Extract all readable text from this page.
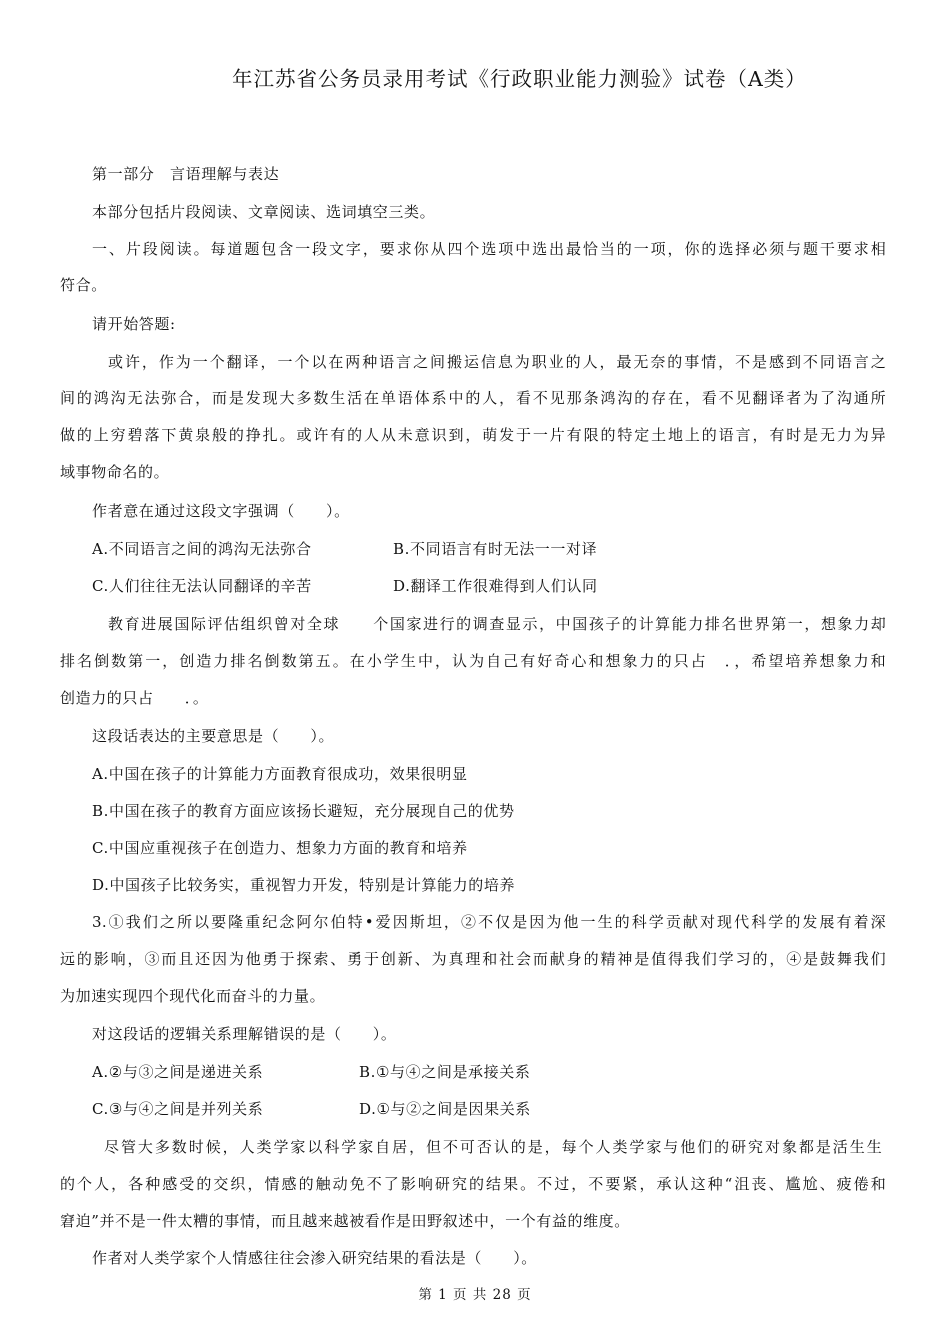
年江苏省公务员录用考试《行政职业能力测验》试卷（A类）
第一部分　言语理解与表达
本部分包括片段阅读、文章阅读、选词填空三类。
一、片段阅读。每道题包含一段文字，要求你从四个选项中选出最恰当的一项，你的选择必须与题干要求相
符合。
请开始答题:
或许，作为一个翻译，一个以在两种语言之间搬运信息为职业的人，最无奈的事情，不是感到不同语言之
间的鸿沟无法弥合，而是发现大多数生活在单语体系中的人，看不见那条鸿沟的存在，看不见翻译者为了沟通所
做的上穷碧落下黄泉般的挣扎。或许有的人从未意识到，萌发于一片有限的特定土地上的语言，有时是无力为异
域事物命名的。
作者意在通过这段文字强调（　　）。
A.不同语言之间的鸿沟无法弥合	B.不同语言有时无法一一对译
C.人们往往无法认同翻译的辛苦	D.翻译工作很难得到人们认同
教育进展国际评估组织曾对全球　　个国家进行的调查显示，中国孩子的计算能力排名世界第一，想象力却
排名倒数第一，创造力排名倒数第五。在小学生中，认为自己有好奇心和想象力的只占　．，希望培养想象力和
创造力的只占　　．。
这段话表达的主要意思是（　　）。
A.中国在孩子的计算能力方面教育很成功，效果很明显
B.中国在孩子的教育方面应该扬长避短，充分展现自己的优势
C.中国应重视孩子在创造力、想象力方面的教育和培养
D.中国孩子比较务实，重视智力开发，特别是计算能力的培养
3.①我们之所以要隆重纪念阿尔伯特•爱因斯坦，②不仅是因为他一生的科学贡献对现代科学的发展有着深
远的影响，③而且还因为他勇于探索、勇于创新、为真理和社会而献身的精神是值得我们学习的，④是鼓舞我们
为加速实现四个现代化而奋斗的力量。
对这段话的逻辑关系理解错误的是（　　）。
A.②与③之间是递进关系	B.①与④之间是承接关系
C.③与④之间是并列关系	D.①与②之间是因果关系
尽管大多数时候，人类学家以科学家自居，但不可否认的是，每个人类学家与他们的研究对象都是活生生
的个人，各种感受的交织，情感的触动免不了影响研究的结果。不过，不要紧，承认这种“沮丧、尴尬、疲倦和
窘迫”并不是一件太糟的事情，而且越来越被看作是田野叙述中，一个有益的维度。
作者对人类学家个人情感往往会渗入研究结果的看法是（　　）。
第 1 页 共 28 页
